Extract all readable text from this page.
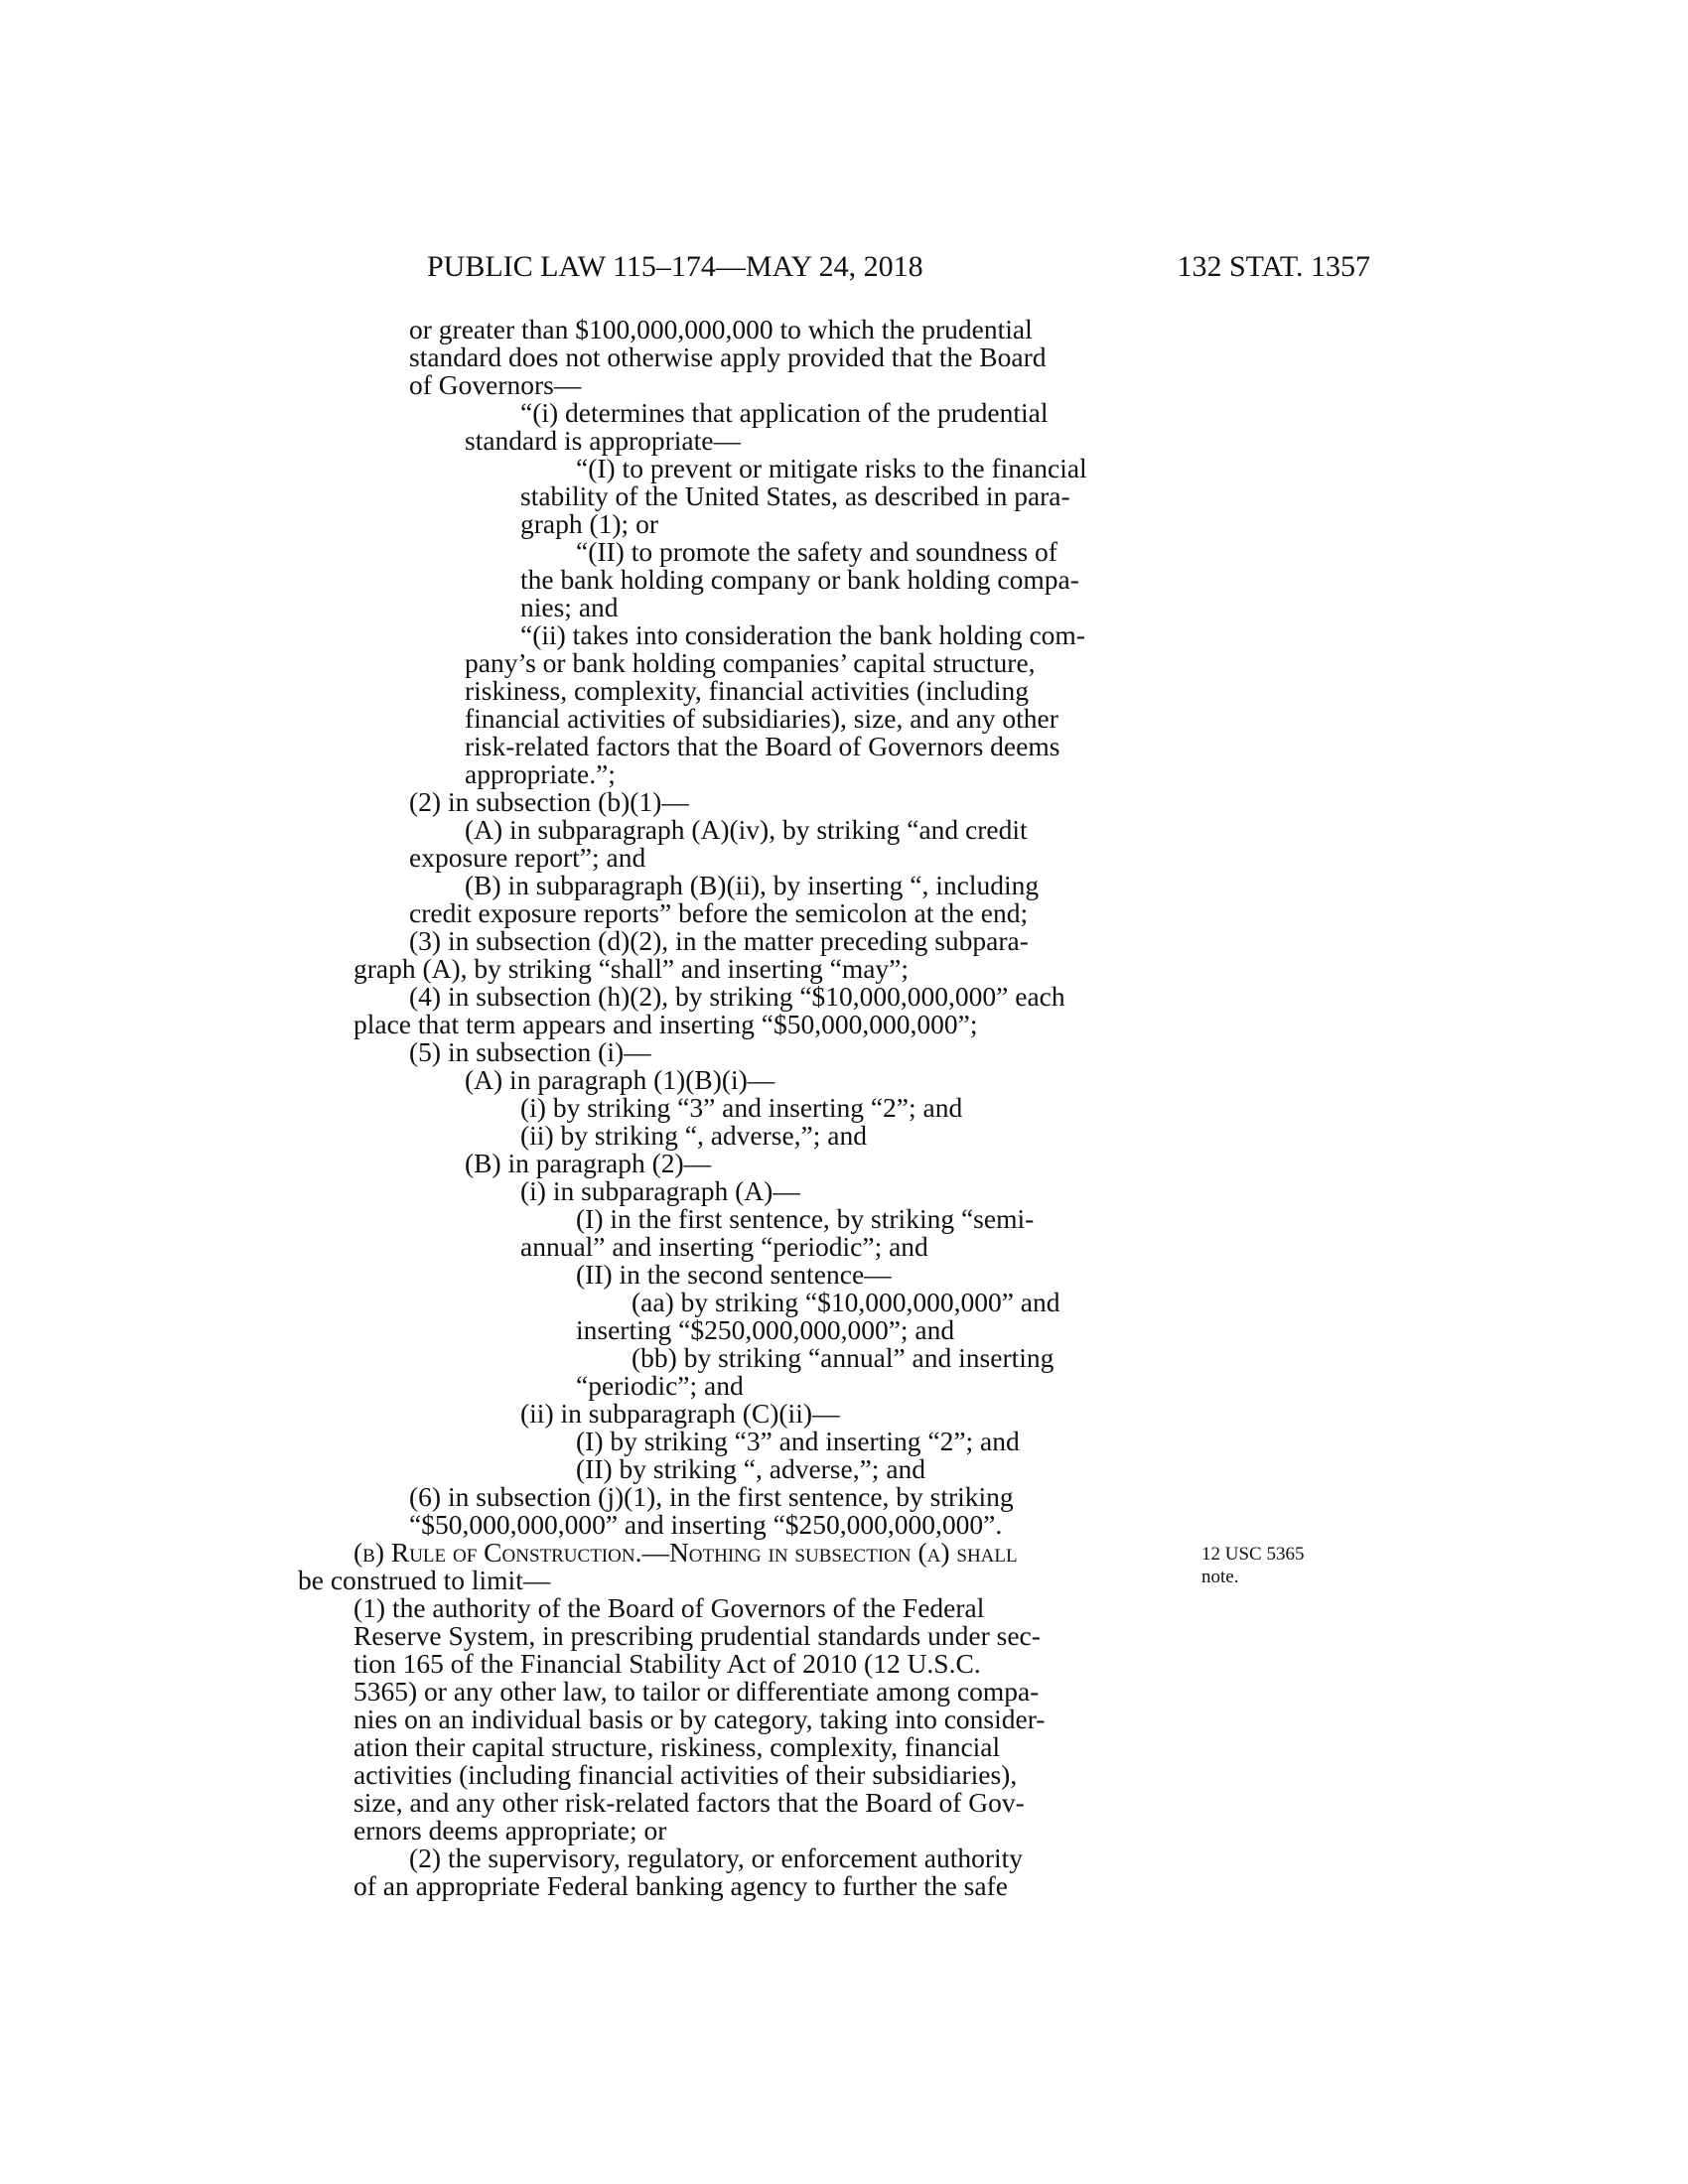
PUBLIC LAW 115–174—MAY 24, 2018	132 STAT. 1357
or greater than $100,000,000,000 to which the prudential
standard does not otherwise apply provided that the Board
of Governors—
“(i) determines that application of the prudential
standard is appropriate—
“(I) to prevent or mitigate risks to the financial
stability of the United States, as described in para-
graph (1); or
“(II) to promote the safety and soundness of
the bank holding company or bank holding compa-
nies; and
“(ii) takes into consideration the bank holding com-
pany’s or bank holding companies’ capital structure,
riskiness, complexity, financial activities (including
financial activities of subsidiaries), size, and any other
risk-related factors that the Board of Governors deems
appropriate.”;
(2) in subsection (b)(1)—
(A) in subparagraph (A)(iv), by striking “and credit
exposure report”; and
(B) in subparagraph (B)(ii), by inserting “, including
credit exposure reports” before the semicolon at the end;
(3) in subsection (d)(2), in the matter preceding subpara-
graph (A), by striking “shall” and inserting “may”;
(4) in subsection (h)(2), by striking “$10,000,000,000” each
place that term appears and inserting “$50,000,000,000”;
(5) in subsection (i)—
(A) in paragraph (1)(B)(i)—
(i) by striking “3” and inserting “2”; and
(ii) by striking “, adverse,”; and
(B) in paragraph (2)—
(i) in subparagraph (A)—
(I) in the first sentence, by striking “semi-
annual” and inserting “periodic”; and
(II) in the second sentence—
(aa) by striking “$10,000,000,000” and
inserting “$250,000,000,000”; and
(bb) by striking “annual” and inserting
“periodic”; and
(ii) in subparagraph (C)(ii)—
(I) by striking “3” and inserting “2”; and
(II) by striking “, adverse,”; and
(6) in subsection (j)(1), in the first sentence, by striking
“$50,000,000,000” and inserting “$250,000,000,000”.
(b) Rule of Construction.—Nothing in subsection (a) shall
be construed to limit—
(1) the authority of the Board of Governors of the Federal
Reserve System, in prescribing prudential standards under sec-
tion 165 of the Financial Stability Act of 2010 (12 U.S.C.
5365) or any other law, to tailor or differentiate among compa-
nies on an individual basis or by category, taking into consider-
ation their capital structure, riskiness, complexity, financial
activities (including financial activities of their subsidiaries),
size, and any other risk-related factors that the Board of Gov-
ernors deems appropriate; or
(2) the supervisory, regulatory, or enforcement authority
of an appropriate Federal banking agency to further the safe
12 USC 5365
note.
